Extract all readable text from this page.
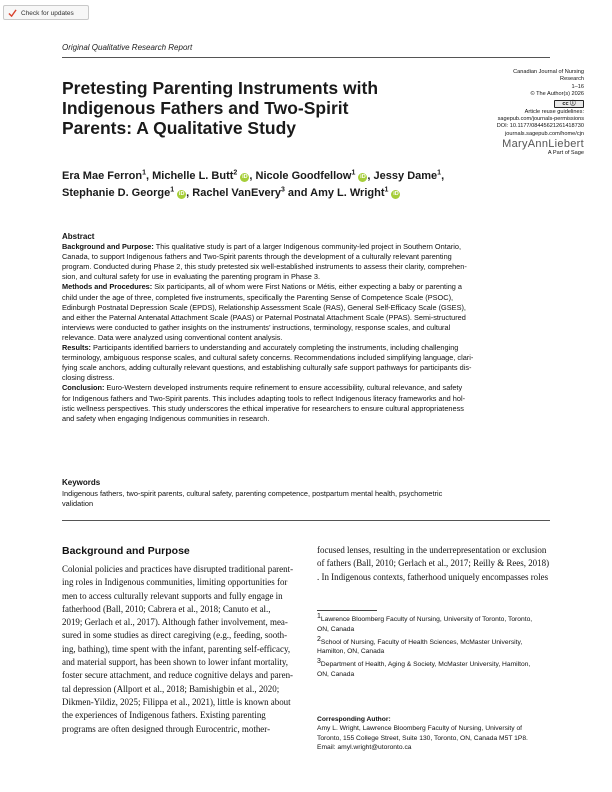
Check for updates
Original Qualitative Research Report
Pretesting Parenting Instruments with
Indigenous Fathers and Two-Spirit
Parents: A Qualitative Study
Canadian Journal of Nursing
Research
1–16
© The Author(s) 2026
cc ⓘ
Article reuse guidelines:
sagepub.com/journals-permissions
DOI: 10.1177/08445621261418730
journals.sagepub.com/home/cjn
MaryAnnLiebert
A Part of Sage
Era Mae Ferron$^1$, Michelle L. Butt$^2$ iD , Nicole Goodfellow$^1$ iD , Jessy Dame$^1$,
Stephanie D. George$^1$ iD , Rachel VanEvery$^3$ and Amy L. Wright$^1$ iD
Abstract
Background and Purpose: This qualitative study is part of a larger Indigenous community-led project in Southern Ontario,
Canada, to support Indigenous fathers and Two-Spirit parents through the development of a culturally relevant parenting
program. Conducted during Phase 2, this study pretested six well-established instruments to assess their clarity, comprehen-
sion, and cultural safety for use in evaluating the parenting program in Phase 3.
Methods and Procedures: Six participants, all of whom were First Nations or Métis, either expecting a baby or parenting a
child under the age of three, completed five instruments, specifically the Parenting Sense of Competence Scale (PSOC),
Edinburgh Postnatal Depression Scale (EPDS), Relationship Assessment Scale (RAS), General Self-Efficacy Scale (GSES),
and either the Paternal Antenatal Attachment Scale (PAAS) or Paternal Postnatal Attachment Scale (PPAS). Semi-structured
interviews were conducted to gather insights on the instruments’ instructions, terminology, response scales, and cultural
relevance. Data were analyzed using conventional content analysis.
Results: Participants identified barriers to understanding and accurately completing the instruments, including challenging
terminology, ambiguous response scales, and cultural safety concerns. Recommendations included simplifying language, clari-
fying scale anchors, adding culturally relevant questions, and establishing culturally safe support pathways for participants dis-
closing distress.
Conclusion: Euro-Western developed instruments require refinement to ensure accessibility, cultural relevance, and safety
for Indigenous fathers and Two-Spirit parents. This includes adapting tools to reflect Indigenous literacy frameworks and hol-
istic wellness perspectives. This study underscores the ethical imperative for researchers to ensure cultural appropriateness
and safety when engaging Indigenous communities in research.
Keywords
Indigenous fathers, two-spirit parents, cultural safety, parenting competence, postpartum mental health, psychometric
validation
Background and Purpose
Colonial policies and practices have disrupted traditional parent-
ing roles in Indigenous communities, limiting opportunities for
men to access culturally relevant supports and fully engage in
fatherhood (Ball, 2010; Cabrera et al., 2018; Canuto et al.,
2019; Gerlach et al., 2017). Although father involvement, mea-
sured in some studies as direct caregiving (e.g., feeding, sooth-
ing, bathing), time spent with the infant, parenting self-efficacy,
and material support, has been shown to lower infant mortality,
foster secure attachment, and reduce cognitive delays and paren-
tal depression (Allport et al., 2018; Bamishigbin et al., 2020;
Dikmen-Yildiz, 2025; Filippa et al., 2021), little is known about
the experiences of Indigenous fathers. Existing parenting
programs are often designed through Eurocentric, mother-
focused lenses, resulting in the underrepresentation or exclusion
of fathers (Ball, 2010; Gerlach et al., 2017; Reilly & Rees, 2018)
. In Indigenous contexts, fatherhood uniquely encompasses roles
$^1$Lawrence Bloomberg Faculty of Nursing, University of Toronto, Toronto,
ON, Canada
$^2$School of Nursing, Faculty of Health Sciences, McMaster University,
Hamilton, ON, Canada
$^3$Department of Health, Aging & Society, McMaster University, Hamilton,
ON, Canada
Corresponding Author:
Amy L. Wright, Lawrence Bloomberg Faculty of Nursing, University of
Toronto, 155 College Street, Suite 130, Toronto, ON, Canada M5T 1P8.
Email: amyl.wright@utoronto.ca
